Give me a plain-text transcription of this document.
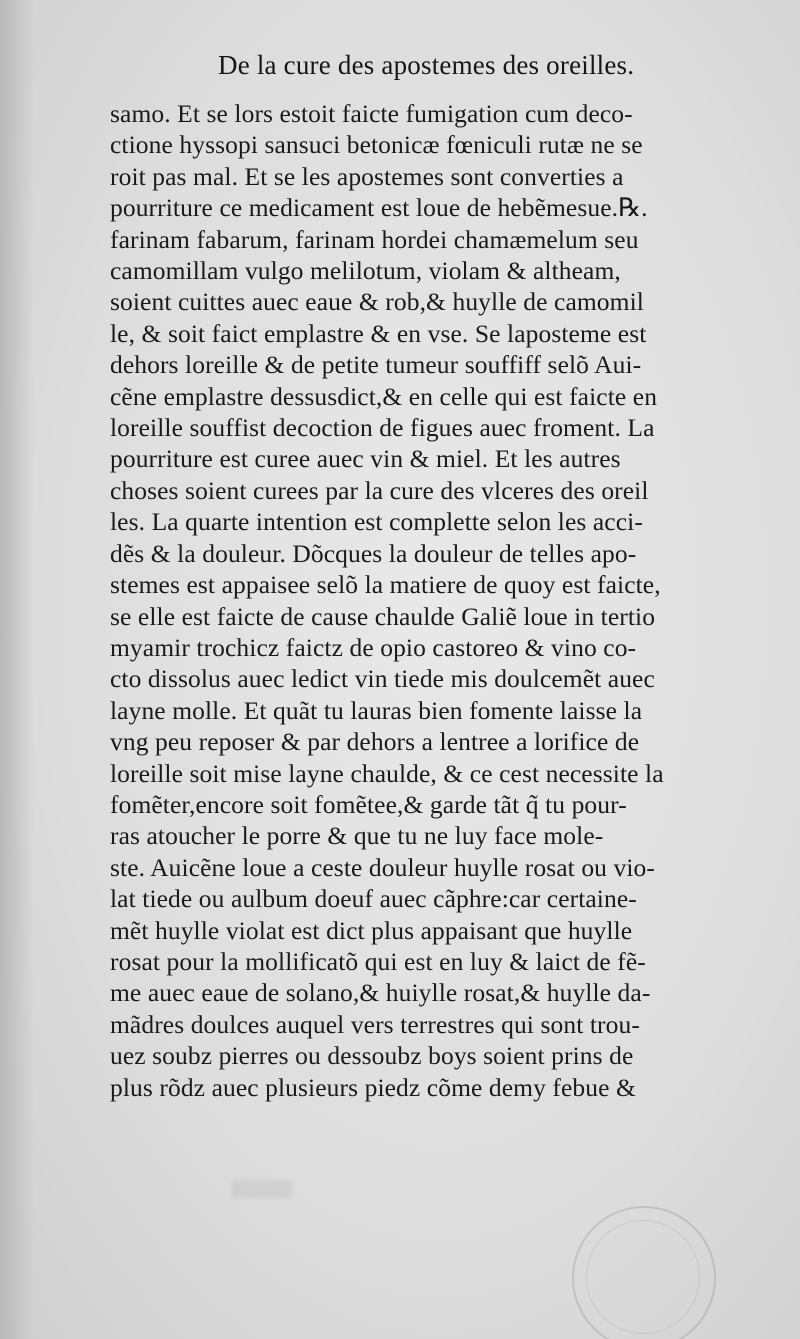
De la cure des apostemes des oreilles.
samo. Et se lors estoit faicte fumigation cum deco-
ctione hyssopi sansuci betonicæ fœniculi rutæ ne se
roit pas mal. Et se les apostemes sont converties a
pourriture ce medicament est loue de hebẽmesue.℞.
farinam fabarum, farinam hordei chamæmelum seu
camomillam vulgo melilotum, violam & altheam,
soient cuittes auec eaue & rob,& huylle de camomil
le, & soit faict emplastre & en vse. Se lapostemе est
dehors loreille & de petite tumeur souffiff selõ Aui-
cẽne emplastre dessusdict,& en celle qui est faicte en
loreille souffist decoction de figues auec froment. La
pourriture est curee auec vin & miel. Et les autres
choses soient curees par la cure des vlceres des oreil
les. La quarte intention est complette selon les acci-
dẽs & la douleur. Dõcques la douleur de telles apo-
stemes est appaisee selõ la matiere de quoy est faicte,
se elle est faicte de cause chaulde Galiẽ loue in tertio
myamir trochicz faictz de opio castoreo & vino co-
cto dissolus auec ledict vin tiede mis doulcemẽt auec
layne molle. Et quãt tu lauras bien fomente laisse la
vng peu reposer & par dehors a lentree a lorifice de
loreille soit mise layne chaulde, & ce cest necessite la
fomẽter,encore soit fomẽtee,& garde tãt q̃ tu pour-
ras atoucher le porre & que tu ne luy face mole-
ste. Auicẽne loue a ceste douleur huylle rosat ou vio-
lat tiede ou aulbum doeuf auec cãphre:car certaine-
mẽt huylle violat est dict plus appaisant que huylle
rosat pour la mollificatõ qui est en luy & laict de fẽ-
me auec eaue de solano,& huiylle rosat,& huylle da-
mãdres doulces auquel vers terrestres qui sont trou-
uez soubz pierres ou dessoubz boys soient prins de
plus rõdz auec plusieurs piedz cõme demy febue &
